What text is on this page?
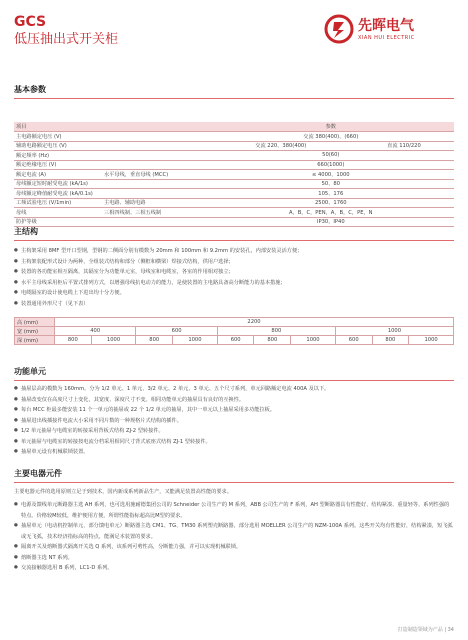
GCS
低压抽出式开关柜
先晖电气
XIAN HUI ELECTRIC
基本参数
项目		参数	
主电路额定电压 (V)		交流 380(400)、(660)	
辅助电路额定电压 (V)		交流 220、380(400)	直流 110/220
额定频率 (Hz)		50(60)	
额定绝缘电压 (V)		660(1000)	
额定电流 (A)	水平母线，垂直母线 (MCC)	≤ 4000、1000	
母线额定短时耐受电流 (kA/1s)		50、80	
母线额定峰值耐受电流 (kA/0.1s)		105、176	
工频试验电压 (V/1min)	主电路、辅助电路	2500、1760	
母线	三相四线制、三相五线制	A，B，C，PEN，A，B，C，PE，N	
防护等级		IP30，IP40	
主结构
● 主构架采用 8MF 型开口型钢，型钢的二侧面分别有模数为 20mm 和 100mm 和 9.2mm 的安装孔，内部安装灵活方便；
● 主构架装配形式设计为两种，全组装式结构和部分（侧框和横梁）焊接式结构，供用户选择；
● 装置的各功能室相互隔离，其隔室分为功能单元室，母线室和电缆室，各室的作用相对独立；
● 水平主母线采用柜后平置式排列方式，以增强母线抗电动力的能力，是使装置的主电路具备高分断能力的基本措施；
● 电缆隔室的设计使电缆上下进出均十分方便。
● 装置通用外形尺寸（见下表）
高 (mm)	2200									
宽 (mm)	400		600		800			1000		
深 (mm)	800	1000	800	1000	600	800	1000	600	800	1000
功能单元
● 抽屉层高的模数为 160mm。分为 1/2 单元、1 单元、3/2 单元、2 单元、3 单元、五个尺寸系列，单元回路额定电流 400A 及以下。
● 抽屉改变仅在高度尺寸上变化，其宽度、深度尺寸不变。相同功能单元的抽屉具有良好的互换性。
● 每台 MCC 柜最多能安装 11 个一单元的抽屉或 22 个 1/2 单元的抽屉，其中一单元以上抽屉采用多功能拉板。
● 抽屉进出线插接件电流大小采用不同片数的一种规格片式结构的插件。
● 1/2 单元抽屉与电缆室的转接采用背板式结构 ZJ-2 型转接件。
● 单元抽屉与电缆室的转接按电流分档采用相同尺寸背式底座式结构 ZJ-1 型转接件。
● 抽屉单元设有机械联锁装置。
主要电器元件

主要电器元件的选用原则立足于到技术，国内新成系列新品生产，又能满足装置高性能的要求。

● 电源及馈线单元断路器主选 AH 系列，也可选用施耐德集团公司的 Schneider 公司生产的 M 系列，ABB 公司生产的 F 系列，AH 型断路器具有性能好、结构紧凑、重量轻等、系列性强的特点。价格较M较低，维护便用方便，所谓性能指标超高比M型的要求。
● 抽屉单元（电动机控制单元、部分馈电单元）断路器主选 CM1、TG、TM30 系列塑壳断路器，部分选用 MOELLER 公司生产的 NZM-100A 系列。这些开关均有性能好，结构紧凑，短飞弧或无飞弧，技术经济指标高的特点，能满足本装置的要求。
● 隔离开关及熔断器式隔离开关选 Q 系列，该系列可剪性高，分断能力强，并可以实现机械联锁。
● 熔断器主选 NT 系列。
● 交流接触器选用 B 系列，LC1-D 系列。
打造制造领域为产品 | 34
